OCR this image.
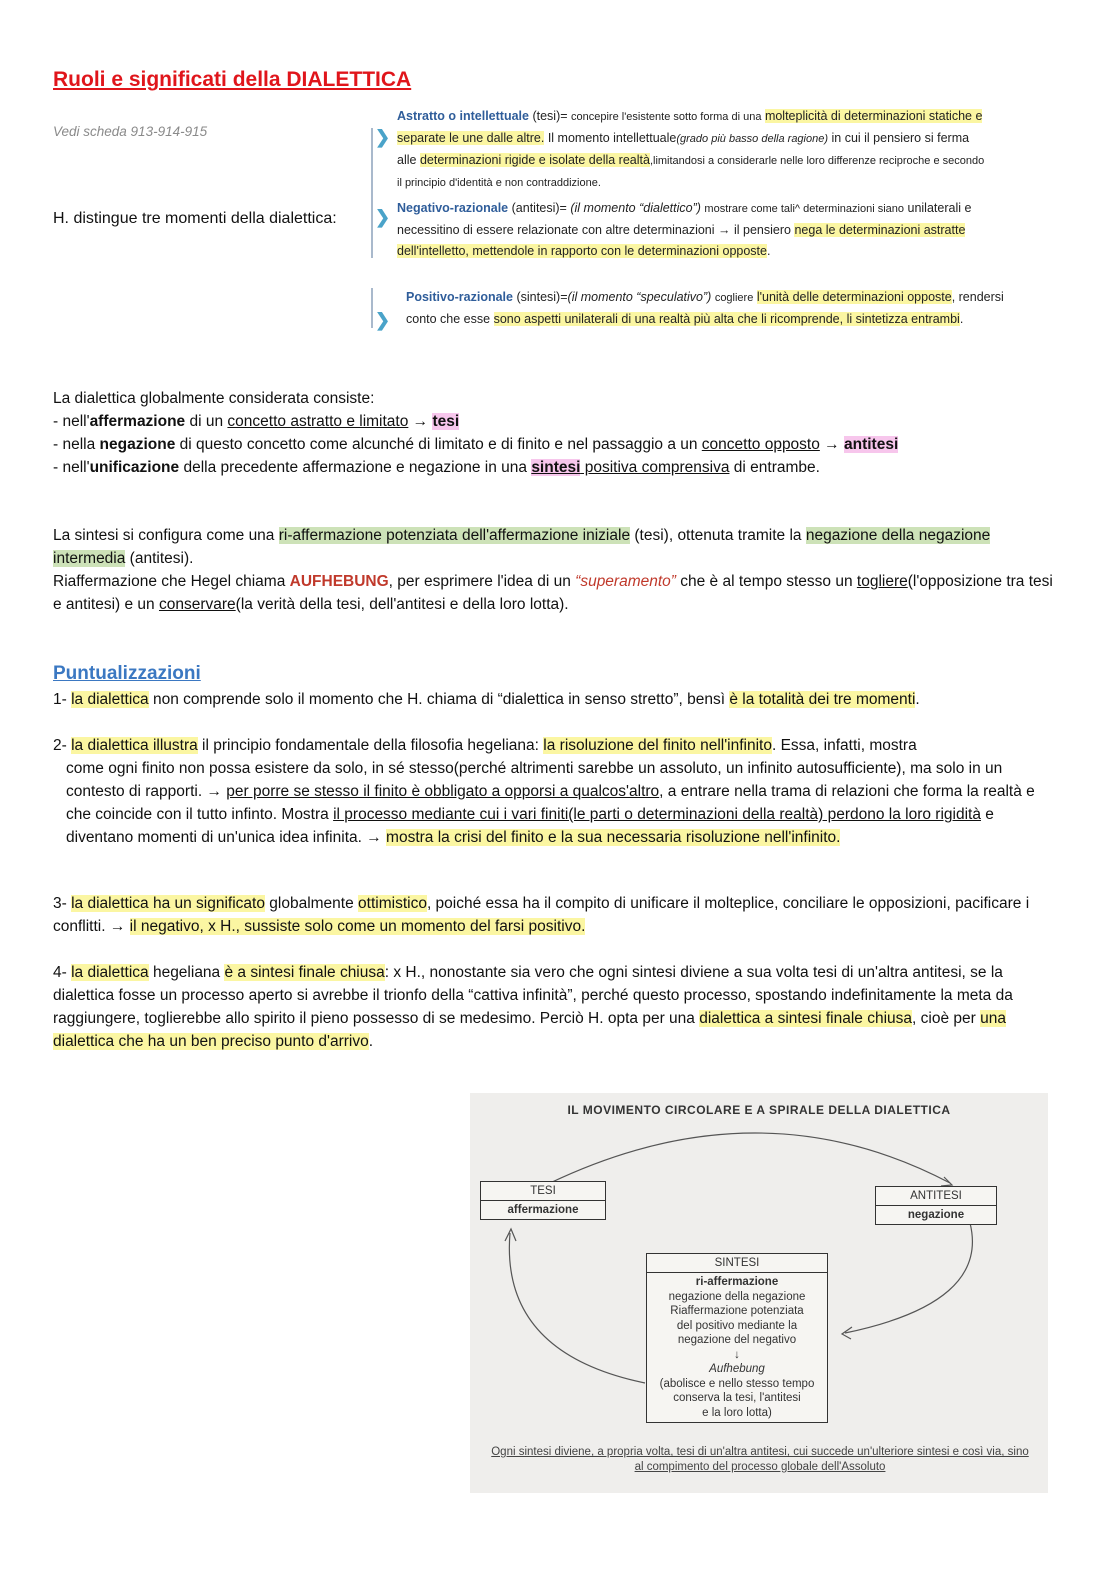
Ruoli e significati della DIALETTICA
Vedi scheda 913-914-915
H. distingue tre momenti della dialettica:
❯
❯
❯
Astratto o intellettuale (tesi)= concepire l'esistente sotto forma di una molteplicità di determinazioni statiche e separate le une dalle altre. Il momento intellettuale(grado più basso della ragione) in cui il pensiero si ferma alle determinazioni rigide e isolate della realtà,limitandosi a considerarle nelle loro differenze reciproche e secondo il principio d'identità e non contraddizione.
Negativo-razionale (antitesi)= (il momento “dialettico”) mostrare come tali^ determinazioni siano unilaterali e necessitino di essere relazionate con altre determinazioni → il pensiero nega le determinazioni astratte dell'intelletto, mettendole in rapporto con le determinazioni opposte.
Positivo-razionale (sintesi)=(il momento “speculativo”) cogliere l'unità delle determinazioni opposte, rendersi conto che esse sono aspetti unilaterali di una realtà più alta che li ricomprende, li sintetizza entrambi.
La dialettica globalmente considerata consiste:
- nell'affermazione di un concetto astratto e limitato → tesi
- nella negazione di questo concetto come alcunché di limitato e di finito e nel passaggio a un concetto opposto → antitesi
- nell'unificazione della precedente affermazione e negazione in una sintesi positiva comprensiva di entrambe.
La sintesi si configura come una ri-affermazione potenziata dell'affermazione iniziale (tesi), ottenuta tramite la negazione della negazione intermedia (antitesi).
Riaffermazione che Hegel chiama AUFHEBUNG, per esprimere l'idea di un “superamento” che è al tempo stesso un togliere(l'opposizione tra tesi e antitesi) e un conservare(la verità della tesi, dell'antitesi e della loro lotta).
Puntualizzazioni
1- la dialettica non comprende solo il momento che H. chiama di “dialettica in senso stretto”, bensì è la totalità dei tre momenti.
2- la dialettica illustra il principio fondamentale della filosofia hegeliana: la risoluzione del finito nell'infinito. Essa, infatti, mostra
come ogni finito non possa esistere da solo, in sé stesso(perché altrimenti sarebbe un assoluto, un infinito autosufficiente), ma solo in un contesto di rapporti. → per porre se stesso il finito è obbligato a opporsi a qualcos'altro, a entrare nella trama di relazioni che forma la realtà e che coincide con il tutto infinto. Mostra il processo mediante cui i vari finiti(le parti o determinazioni della realtà) perdono la loro rigidità e diventano momenti di un'unica idea infinita. → mostra la crisi del finito e la sua necessaria risoluzione nell'infinito.
3- la dialettica ha un significato globalmente ottimistico, poiché essa ha il compito di unificare il molteplice, conciliare le opposizioni, pacificare i conflitti. → il negativo, x H., sussiste solo come un momento del farsi positivo.
4- la dialettica hegeliana è a sintesi finale chiusa: x H., nonostante sia vero che ogni sintesi diviene a sua volta tesi di un'altra antitesi, se la dialettica fosse un processo aperto si avrebbe il trionfo della “cattiva infinità”, perché questo processo, spostando indefinitamente la meta da raggiungere, toglierebbe allo spirito il pieno possesso di se medesimo. Perciò H. opta per una dialettica a sintesi finale chiusa, cioè per una dialettica che ha un ben preciso punto d'arrivo.
IL MOVIMENTO CIRCOLARE E A SPIRALE DELLA DIALETTICA
TESI
affermazione
ANTITESI
negazione
SINTESI
ri-affermazione
negazione della negazione
Riaffermazione potenziata
del positivo mediante la
negazione del negativo
↓
Aufhebung
(abolisce e nello stesso tempo
conserva la tesi, l'antitesi
e la loro lotta)
Ogni sintesi diviene, a propria volta, tesi di un'altra antitesi, cui succede un'ulteriore sintesi e così via, sino al compimento del processo globale dell'Assoluto
